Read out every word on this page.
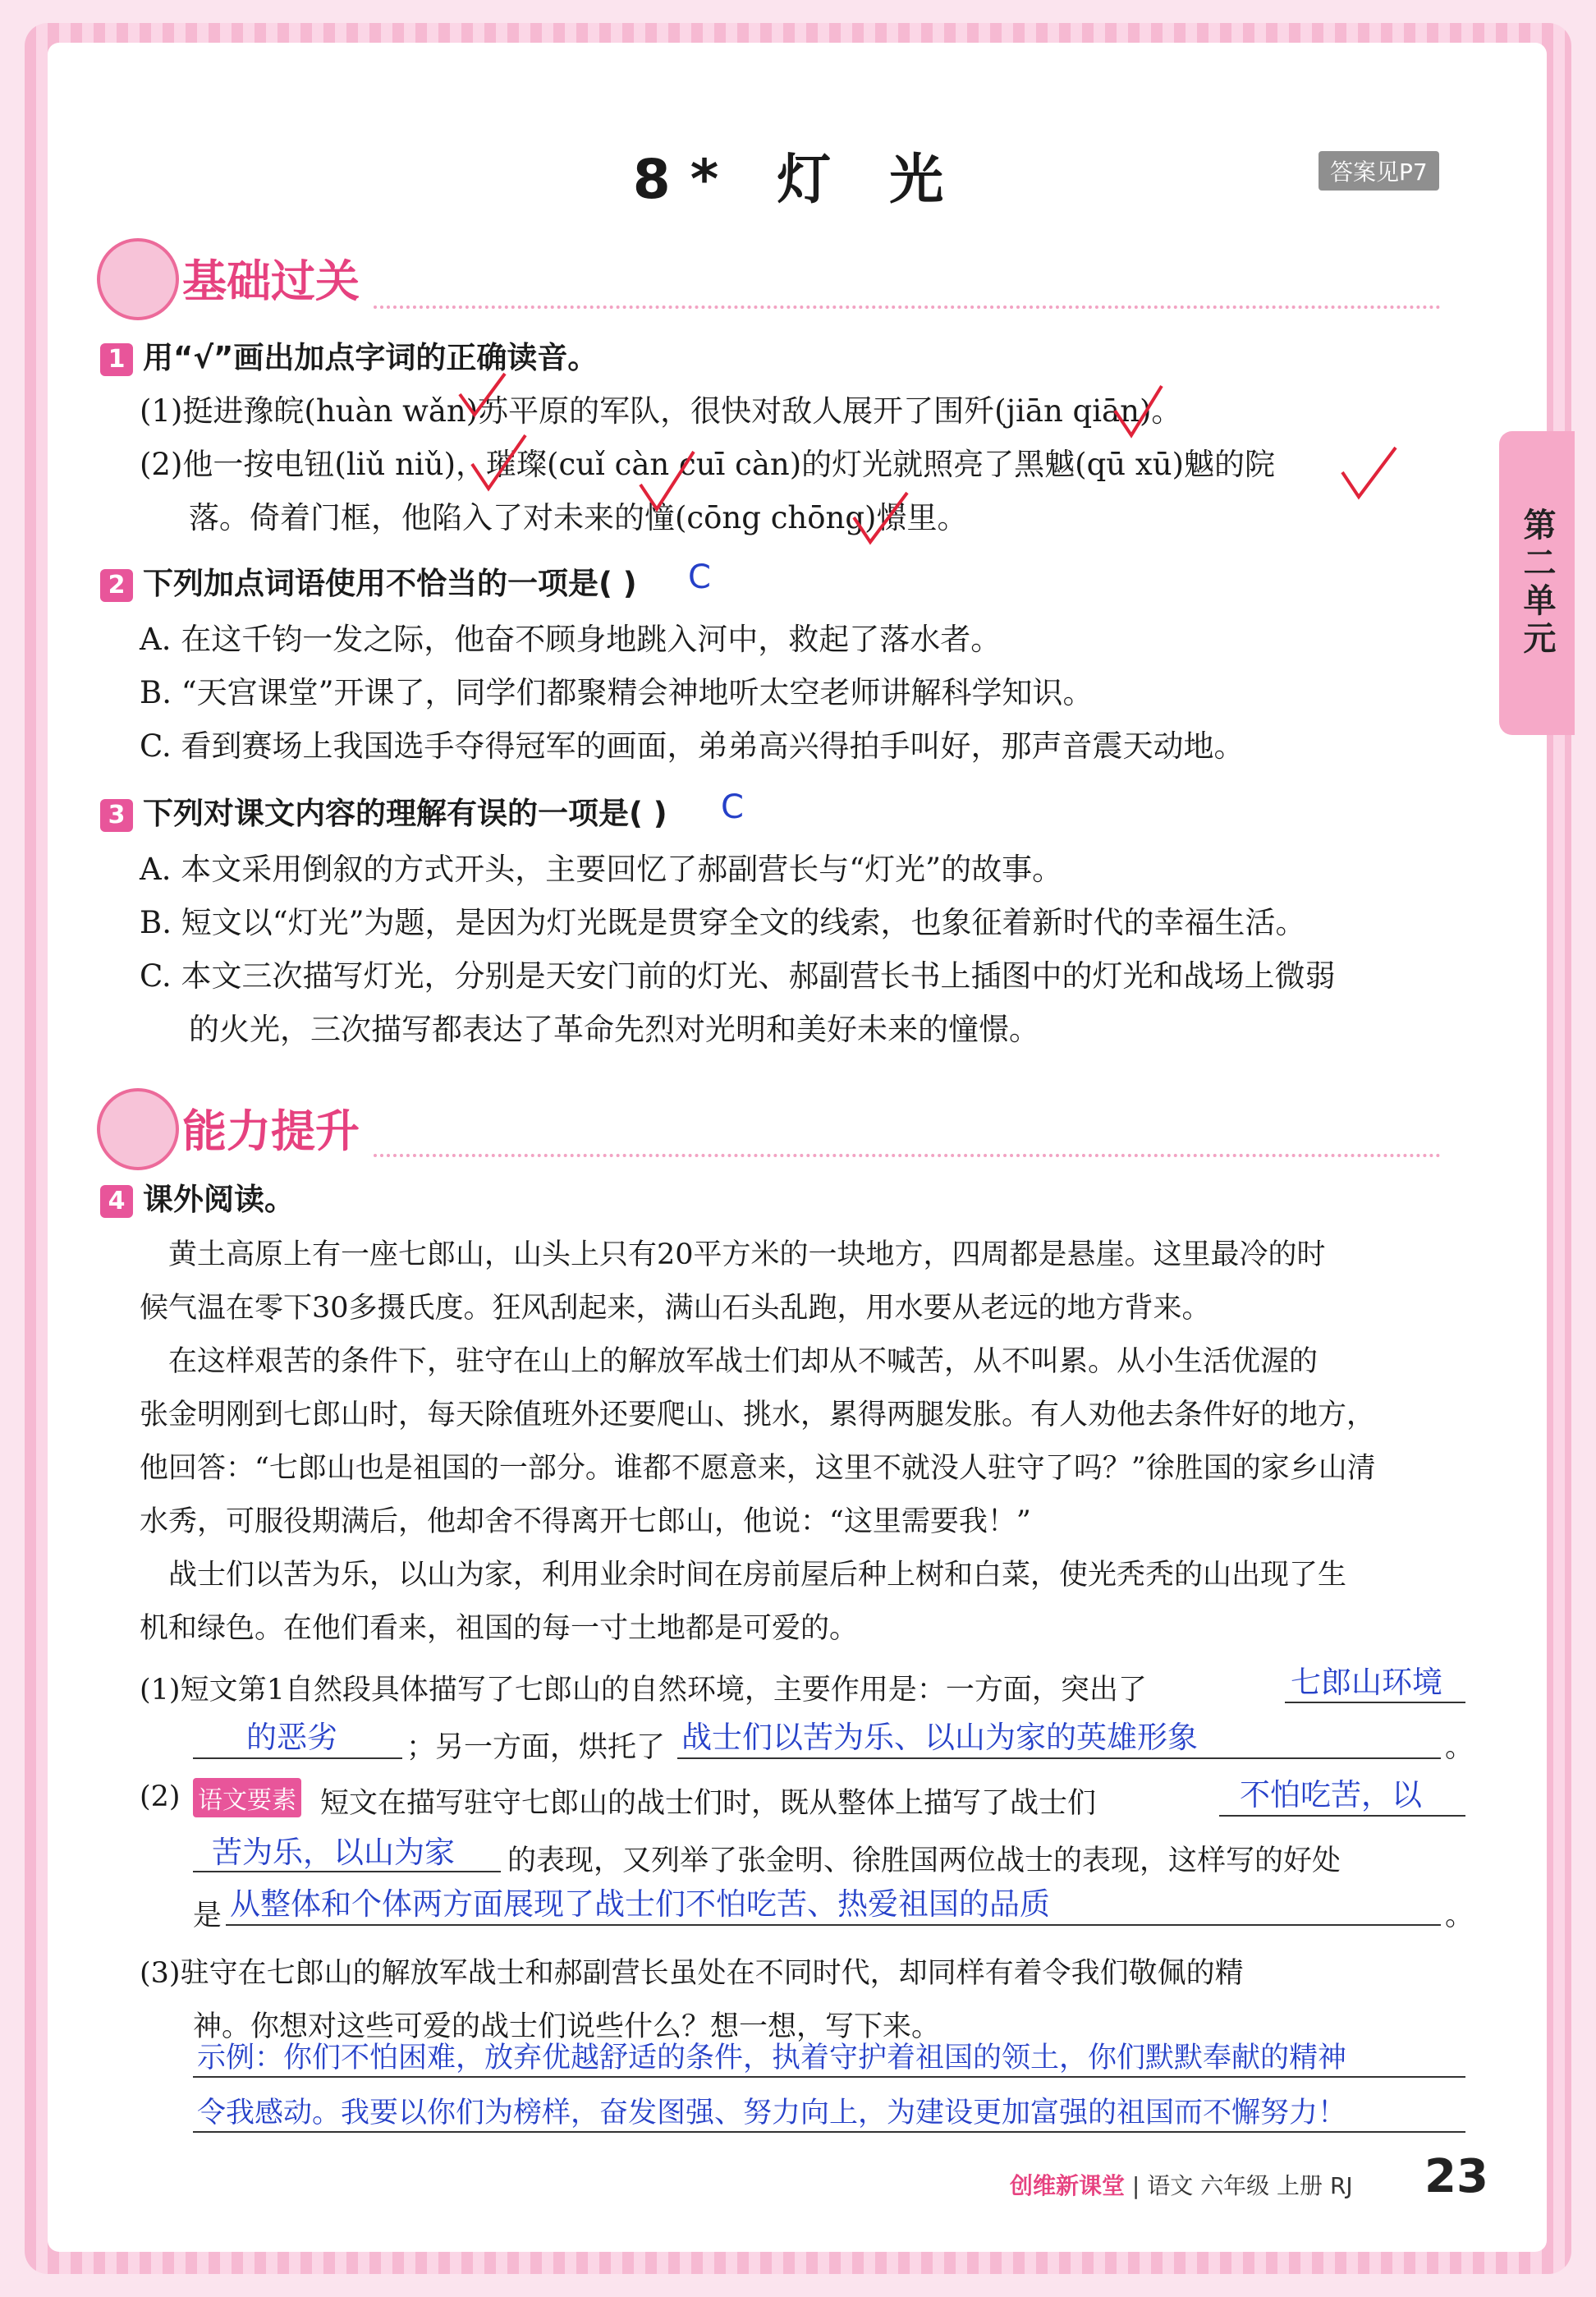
8* 灯 光	答案见P7
第二单元
基础过关
1 用“√”画出加点字词的正确读音。
(1)挺进豫皖(huàn wǎn)苏平原的军队，很快对敌人展开了围歼(jiān qiān)。
(2)他一按电钮(liǔ niǔ)，璀璨(cuǐ càn cuī càn)的灯光就照亮了黑魆(qū xū)魆的院
落。倚着门框，他陷入了对未来的憧(cōng chōng)憬里。
2 下列加点词语使用不恰当的一项是( ) C
A. 在这千钧一发之际，他奋不顾身地跳入河中，救起了落水者。
B. “天宫课堂”开课了，同学们都聚精会神地听太空老师讲解科学知识。
C. 看到赛场上我国选手夺得冠军的画面，弟弟高兴得拍手叫好，那声音震天动地。
3 下列对课文内容的理解有误的一项是( ) C
A. 本文采用倒叙的方式开头，主要回忆了郝副营长与“灯光”的故事。
B. 短文以“灯光”为题，是因为灯光既是贯穿全文的线索，也象征着新时代的幸福生活。
C. 本文三次描写灯光，分别是天安门前的灯光、郝副营长书上插图中的灯光和战场上微弱
的火光，三次描写都表达了革命先烈对光明和美好未来的憧憬。
能力提升
4 课外阅读。
黄土高原上有一座七郎山，山头上只有20平方米的一块地方，四周都是悬崖。这里最冷的时
候气温在零下30多摄氏度。狂风刮起来，满山石头乱跑，用水要从老远的地方背来。
在这样艰苦的条件下，驻守在山上的解放军战士们却从不喊苦，从不叫累。从小生活优渥的
张金明刚到七郎山时，每天除值班外还要爬山、挑水，累得两腿发胀。有人劝他去条件好的地方，
他回答：“七郎山也是祖国的一部分。谁都不愿意来，这里不就没人驻守了吗？”徐胜国的家乡山清
水秀，可服役期满后，他却舍不得离开七郎山，他说：“这里需要我！”
战士们以苦为乐，以山为家，利用业余时间在房前屋后种上树和白菜，使光秃秃的山出现了生
机和绿色。在他们看来，祖国的每一寸土地都是可爱的。
(1)短文第1自然段具体描写了七郎山的自然环境，主要作用是：一方面，突出了	七郎山环境
的恶劣 ；另一方面，烘托了 战士们以苦为乐、以山为家的英雄形象	。
(2) 语文要素 短文在描写驻守七郎山的战士们时，既从整体上描写了战士们	不怕吃苦，以
苦为乐，以山为家 的表现，又列举了张金明、徐胜国两位战士的表现，这样写的好处
是 从整体和个体两方面展现了战士们不怕吃苦、热爱祖国的品质	。
(3)驻守在七郎山的解放军战士和郝副营长虽处在不同时代，却同样有着令我们敬佩的精
神。你想对这些可爱的战士们说些什么？想一想，写下来。
示例：你们不怕困难，放弃优越舒适的条件，执着守护着祖国的领土，你们默默奉献的精神
令我感动。我要以你们为榜样，奋发图强、努力向上，为建设更加富强的祖国而不懈努力！
创维新课堂 | 语文 六年级 上册 RJ 23
